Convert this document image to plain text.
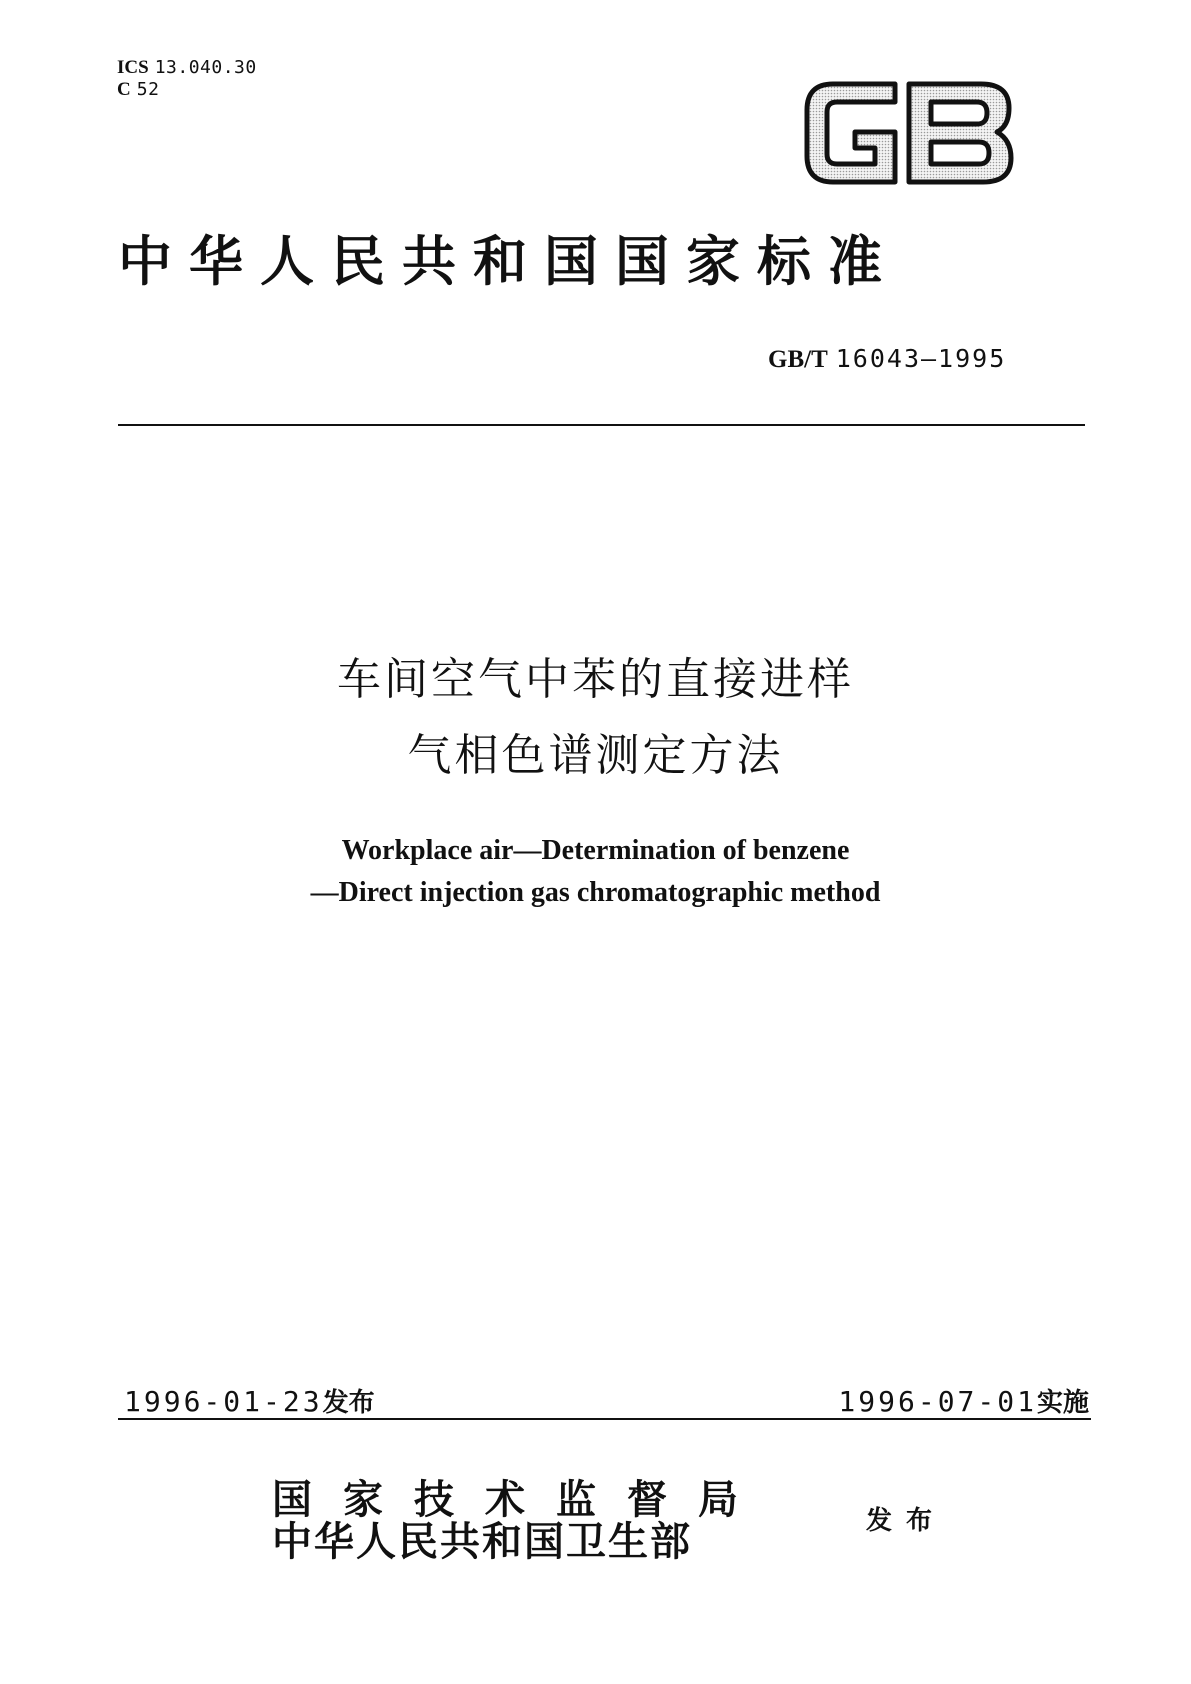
ICS 13.040.30
C 52
中华人民共和国国家标准
GB/T 16043—1995
车间空气中苯的直接进样
气相色谱测定方法
Workplace air—Determination of benzene
—Direct injection gas chromatographic method
1996-01-23发布	1996-07-01实施
国家技术监督局
中华人民共和国卫生部	发布
